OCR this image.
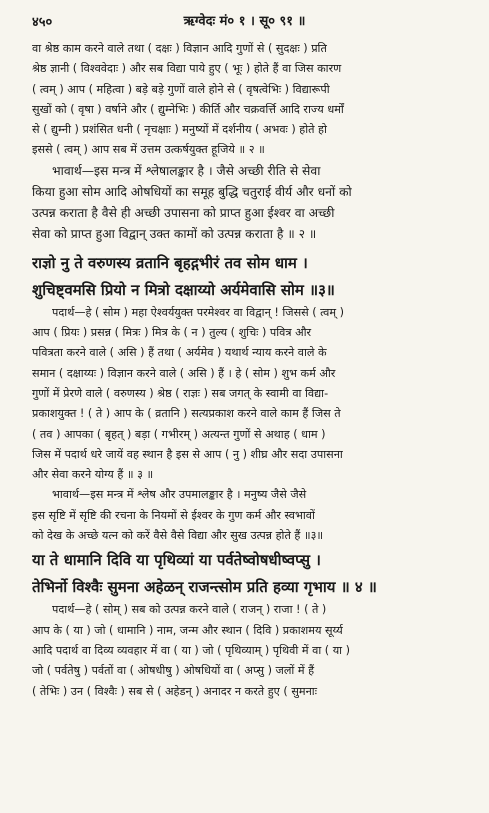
४५०	ऋग्वेदः मं० १ । सू० ९१ ॥

वा श्रेष्ठ काम करने वाले तथा ( दक्षः ) विज्ञान आदि गुणों से ( सुदक्षः ) प्रति

श्रेष्ठ ज्ञानी ( विश्ववेदाः ) और सब विद्या पाये हुए ( भूः ) होते हैं वा जिस कारण

( त्वम् ) आप ( महित्वा ) बड़े बड़े गुणों वाले होने से ( वृषत्वेभिः ) विद्यारूपी

सुखों को ( वृषा ) वर्षाने और ( द्युम्नेभिः ) कीर्ति और चक्रवर्त्ति आदि राज्य धर्मों

से ( द्युम्नी ) प्रशंसित धनी ( नृचक्षाः ) मनुष्यों में दर्शनीय ( अभवः ) होते हो

इससे ( त्वम् ) आप सब में उत्तम उत्कर्षयुक्त हूजिये ॥ २ ॥

भावार्थ—इस मन्त्र में श्लेषालङ्कार है । जैसे अच्छी रीति से सेवा

किया हुआ सोम आदि ओषधियों का समूह बुद्धि चतुराई वीर्य और धनों को

उत्पन्न कराता है वैसे ही अच्छी उपासना को प्राप्त हुआ ईश्वर वा अच्छी

सेवा को प्राप्त हुआ विद्वान् उक्त कामों को उत्पन्न कराता है ॥ २ ॥

राज्ञो नु ते वरुणस्य व्रतानि बृहद्गभीरं तव सोम धाम ।

शुचिष्ट्वमसि प्रियो न मित्रो दक्षाय्यो अर्यमेवासि सोम ॥३॥

पदार्थ—हे ( सोम ) महा ऐश्वर्ययुक्त परमेश्वर वा विद्वान् ! जिससे ( त्वम् )

आप ( प्रियः ) प्रसन्न ( मित्रः ) मित्र के ( न ) तुल्य ( शुचिः ) पवित्र और

पवित्रता करने वाले ( असि ) हैं तथा ( अर्यमेव ) यथार्थ न्याय करने वाले के

समान ( दक्षाय्यः ) विज्ञान करने वाले ( असि ) हैं । हे ( सोम ) शुभ कर्म और

गुणों में प्रेरणे वाले ( वरुणस्य ) श्रेष्ठ ( राज्ञः ) सब जगत् के स्वामी वा विद्या-

प्रकाशयुक्त ! ( ते ) आप के ( व्रतानि ) सत्यप्रकाश करने वाले काम हैं जिस ते

( तव ) आपका ( बृहत् ) बड़ा ( गभीरम् ) अत्यन्त गुणों से अथाह ( धाम )

जिस में पदार्थ धरे जायें वह स्थान है इस से आप ( नु ) शीघ्र और सदा उपासना

और सेवा करने योग्य हैं ॥ ३ ॥

भावार्थ—इस मन्त्र में श्लेष और उपमालङ्कार है । मनुष्य जैसे जैसे

इस सृष्टि में सृष्टि की रचना के नियमों से ईश्वर के गुण कर्म और स्वभावों

को देख के अच्छे यत्न को करें वैसे वैसे विद्या और सुख उत्पन्न होते हैं ॥३॥

या ते धामानि दिवि या पृथिव्यां या पर्वतेष्वोषधीष्वप्सु ।

तेभिर्नो विश्वैः सुमना अहेळन् राजन्त्सोम प्रति हव्या गृभाय ॥ ४ ॥

पदार्थ—हे ( सोम् ) सब को उत्पन्न करने वाले ( राजन् ) राजा ! ( ते )

आप के ( या ) जो ( धामानि ) नाम, जन्म और स्थान ( दिवि ) प्रकाशमय सूर्य्य

आदि पदार्थ वा दिव्य व्यवहार में वा ( या ) जो ( पृथिव्याम् ) पृथिवी में वा ( या )

जो ( पर्वतेषु ) पर्वतों वा ( ओषधीषु ) ओषधियों वा ( अप्सु ) जलों में हैं

( तेभिः ) उन ( विश्वैः ) सब से ( अहेडन् ) अनादर न करते हुए ( सुमनाः
